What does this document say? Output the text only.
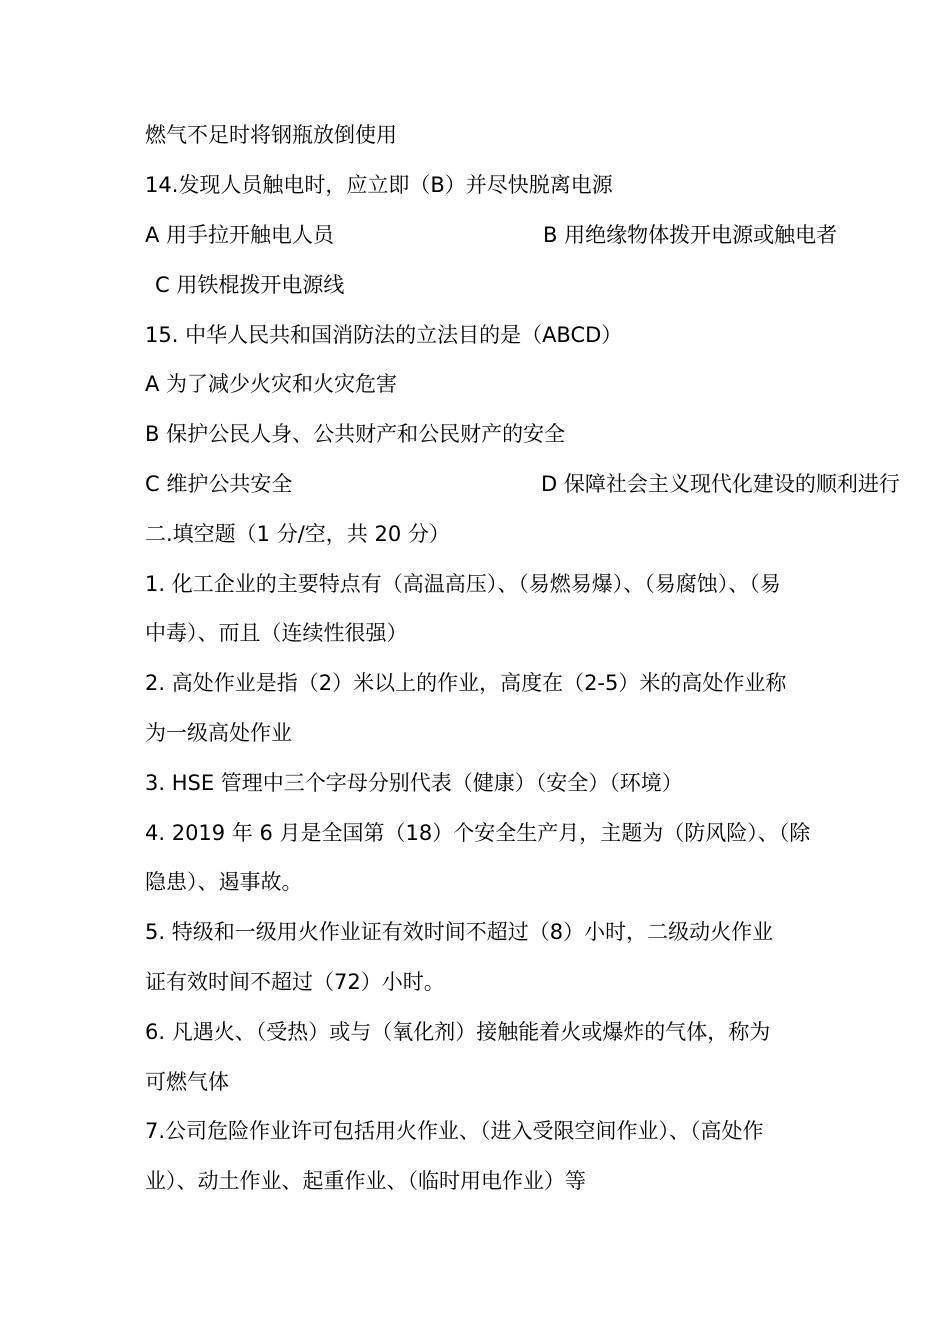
燃气不足时将钢瓶放倒使用
14.发现人员触电时，应立即（B）并尽快脱离电源
A 用手拉开触电人员	B 用绝缘物体拨开电源或触电者
C 用铁棍拨开电源线
15. 中华人民共和国消防法的立法目的是（ABCD）
A 为了减少火灾和火灾危害
B 保护公民人身、公共财产和公民财产的安全
C 维护公共安全	D 保障社会主义现代化建设的顺利进行
二.填空题（1 分/空，共 20 分）
1. 化工企业的主要特点有（高温高压）、（易燃易爆）、（易腐蚀）、（易
中毒）、而且（连续性很强）
2. 高处作业是指（2）米以上的作业，高度在（2-5）米的高处作业称
为一级高处作业
3. HSE 管理中三个字母分别代表（健康）（安全）（环境）
4. 2019 年 6 月是全国第（18）个安全生产月，主题为（防风险）、（除
隐患）、遏事故。
5. 特级和一级用火作业证有效时间不超过（8）小时，二级动火作业
证有效时间不超过（72）小时。
6. 凡遇火、（受热）或与（氧化剂）接触能着火或爆炸的气体，称为
可燃气体
7.公司危险作业许可包括用火作业、（进入受限空间作业）、（高处作
业）、动土作业、起重作业、（临时用电作业）等
